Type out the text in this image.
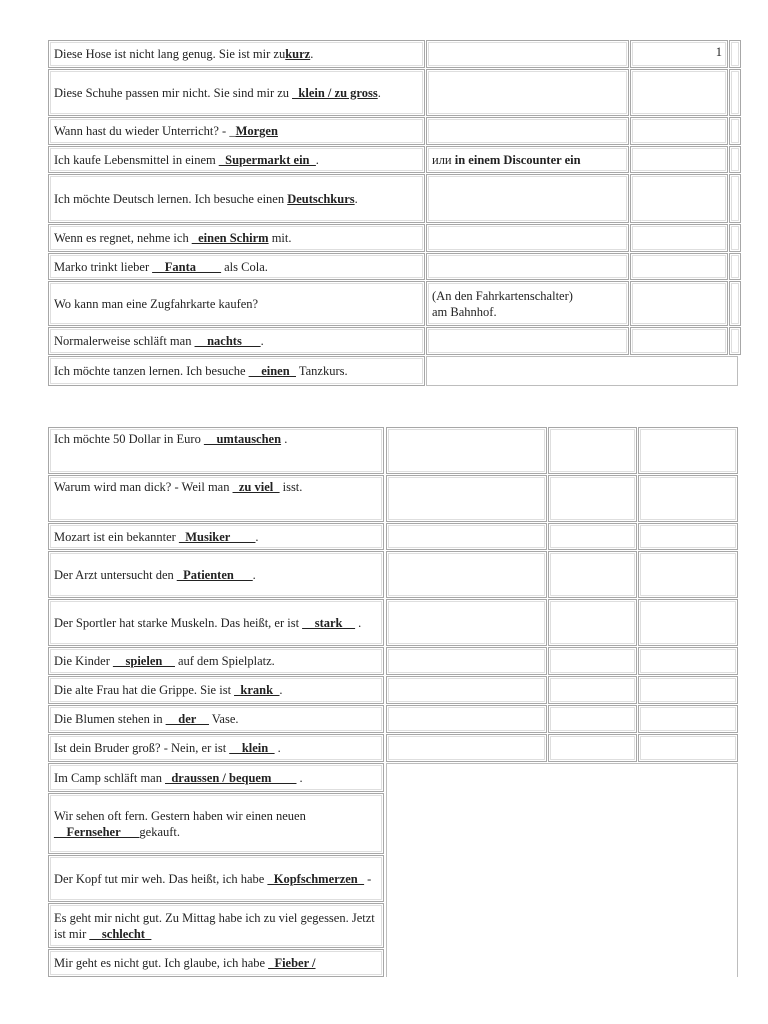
Diese Hose ist nicht lang genug. Sie ist mir zukurz.	1
Diese Schuhe passen mir nicht. Sie sind mir zu _klein / zu gross.
Wann hast du wieder Unterricht? - _Morgen
Ich kaufe Lebensmittel in einem _Supermarkt ein_.	или in einem Discounter ein
Ich möchte Deutsch lernen. Ich besuche einen Deutschkurs.
Wenn es regnet, nehme ich _einen Schirm mit.
Marko trinkt lieber __Fanta____ als Cola.
Wo kann man eine Zugfahrkarte kaufen?
(An den Fahrkartenschalter)
am Bahnhof.
Normalerweise schläft man __nachts___.
Ich möchte tanzen lernen. Ich besuche __einen_ Tanzkurs.
Ich möchte 50 Dollar in Euro __umtauschen .
Warum wird man dick? - Weil man _zu viel_ isst.
Mozart ist ein bekannter _Musiker____.
Der Arzt untersucht den _Patienten___.
Der Sportler hat starke Muskeln. Das heißt, er ist __stark__ .
Die Kinder __spielen__ auf dem Spielplatz.
Die alte Frau hat die Grippe. Sie ist _krank_.
Die Blumen stehen in __der__ Vase.
Ist dein Bruder groß? - Nein, er ist __klein_ .
Im Camp schläft man _draussen / bequem____ .
Wir sehen oft fern. Gestern haben wir einen neuen __Fernseher___gekauft.
Der Kopf tut mir weh. Das heißt, ich habe _Kopfschmerzen_ -
Es geht mir nicht gut. Zu Mittag habe ich zu viel gegessen. Jetzt ist mir __schlecht_
Mir geht es nicht gut. Ich glaube, ich habe _Fieber /
